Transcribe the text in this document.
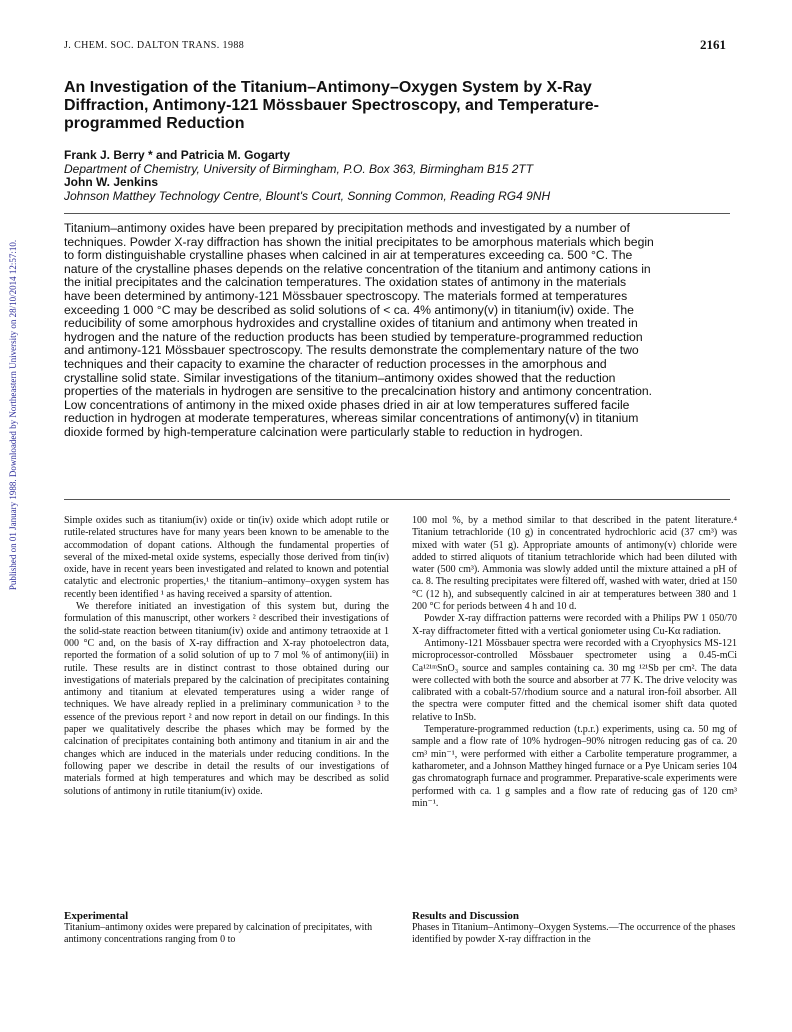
Published on 01 January 1988. Downloaded by Northeastern University on 28/10/2014 12:57:10.
J. CHEM. SOC. DALTON TRANS. 1988	2161
An Investigation of the Titanium–Antimony–Oxygen System by X-Ray Diffraction, Antimony-121 Mössbauer Spectroscopy, and Temperature-programmed Reduction
Frank J. Berry * and Patricia M. Gogarty
Department of Chemistry, University of Birmingham, P.O. Box 363, Birmingham B15 2TT
John W. Jenkins
Johnson Matthey Technology Centre, Blount's Court, Sonning Common, Reading RG4 9NH
Titanium–antimony oxides have been prepared by precipitation methods and investigated by a number of techniques. Powder X-ray diffraction has shown the initial precipitates to be amorphous materials which begin to form distinguishable crystalline phases when calcined in air at temperatures exceeding ca. 500 °C. The nature of the crystalline phases depends on the relative concentration of the titanium and antimony cations in the initial precipitates and the calcination temperatures. The oxidation states of antimony in the materials have been determined by antimony-121 Mössbauer spectroscopy. The materials formed at temperatures exceeding 1 000 °C may be described as solid solutions of < ca. 4% antimony(v) in titanium(iv) oxide. The reducibility of some amorphous hydroxides and crystalline oxides of titanium and antimony when treated in hydrogen and the nature of the reduction products has been studied by temperature-programmed reduction and antimony-121 Mössbauer spectroscopy. The results demonstrate the complementary nature of the two techniques and their capacity to examine the character of reduction processes in the amorphous and crystalline solid state. Similar investigations of the titanium–antimony oxides showed that the reduction properties of the materials in hydrogen are sensitive to the precalcination history and antimony concentration. Low concentrations of antimony in the mixed oxide phases dried in air at low temperatures suffered facile reduction in hydrogen at moderate temperatures, whereas similar concentrations of antimony(v) in titanium dioxide formed by high-temperature calcination were particularly stable to reduction in hydrogen.

Simple oxides such as titanium(iv) oxide or tin(iv) oxide which adopt rutile or rutile-related structures have for many years been known to be amenable to the accommodation of dopant cations. Although the fundamental properties of several of the mixed-metal oxide systems, especially those derived from tin(iv) oxide, have in recent years been investigated and related to known and potential catalytic and electronic properties,¹ the titanium–antimony–oxygen system has recently been identified ¹ as having received a sparsity of attention.

We therefore initiated an investigation of this system but, during the formulation of this manuscript, other workers ² described their investigations of the solid-state reaction between titanium(iv) oxide and antimony tetraoxide at 1 000 °C and, on the basis of X-ray diffraction and X-ray photoelectron data, reported the formation of a solid solution of up to 7 mol % of antimony(iii) in rutile. These results are in distinct contrast to those obtained during our investigations of materials prepared by the calcination of precipitates containing antimony and titanium at elevated temperatures using a wider range of techniques. We have already replied in a preliminary communication ³ to the essence of the previous report ² and now report in detail on our findings. In this paper we qualitatively describe the phases which may be formed by the calcination of precipitates containing both antimony and titanium in air and the changes which are induced in the materials under reducing conditions. In the following paper we describe in detail the results of our investigations of materials formed at high temperatures and which may be described as solid solutions of antimony in rutile titanium(iv) oxide.

Experimental
Titanium–antimony oxides were prepared by calcination of precipitates, with antimony concentrations ranging from 0 to

100 mol %, by a method similar to that described in the patent literature.⁴ Titanium tetrachloride (10 g) in concentrated hydrochloric acid (37 cm³) was mixed with water (51 g). Appropriate amounts of antimony(v) chloride were added to stirred aliquots of titanium tetrachloride which had been diluted with water (500 cm³). Ammonia was slowly added until the mixture attained a pH of ca. 8. The resulting precipitates were filtered off, washed with water, dried at 150 °C (12 h), and subsequently calcined in air at temperatures between 380 and 1 200 °C for periods between 4 h and 10 d.

Powder X-ray diffraction patterns were recorded with a Philips PW 1 050/70 X-ray diffractometer fitted with a vertical goniometer using Cu-Kα radiation.

Antimony-121 Mössbauer spectra were recorded with a Cryophysics MS-121 microprocessor-controlled Mössbauer spectrometer using a 0.45-mCi Ca¹²¹ᵐSnO₃ source and samples containing ca. 30 mg ¹²¹Sb per cm². The data were collected with both the source and absorber at 77 K. The drive velocity was calibrated with a cobalt-57/rhodium source and a natural iron-foil absorber. All the spectra were computer fitted and the chemical isomer shift data quoted relative to InSb.

Temperature-programmed reduction (t.p.r.) experiments, using ca. 50 mg of sample and a flow rate of 10% hydrogen–90% nitrogen reducing gas of ca. 20 cm³ min⁻¹, were performed with either a Carbolite temperature programmer, a katharometer, and a Johnson Matthey hinged furnace or a Pye Unicam series 104 gas chromatograph furnace and programmer. Preparative-scale experiments were performed with ca. 1 g samples and a flow rate of reducing gas of 120 cm³ min⁻¹.

Results and Discussion
Phases in Titanium–Antimony–Oxygen Systems.—The occurrence of the phases identified by powder X-ray diffraction in the
